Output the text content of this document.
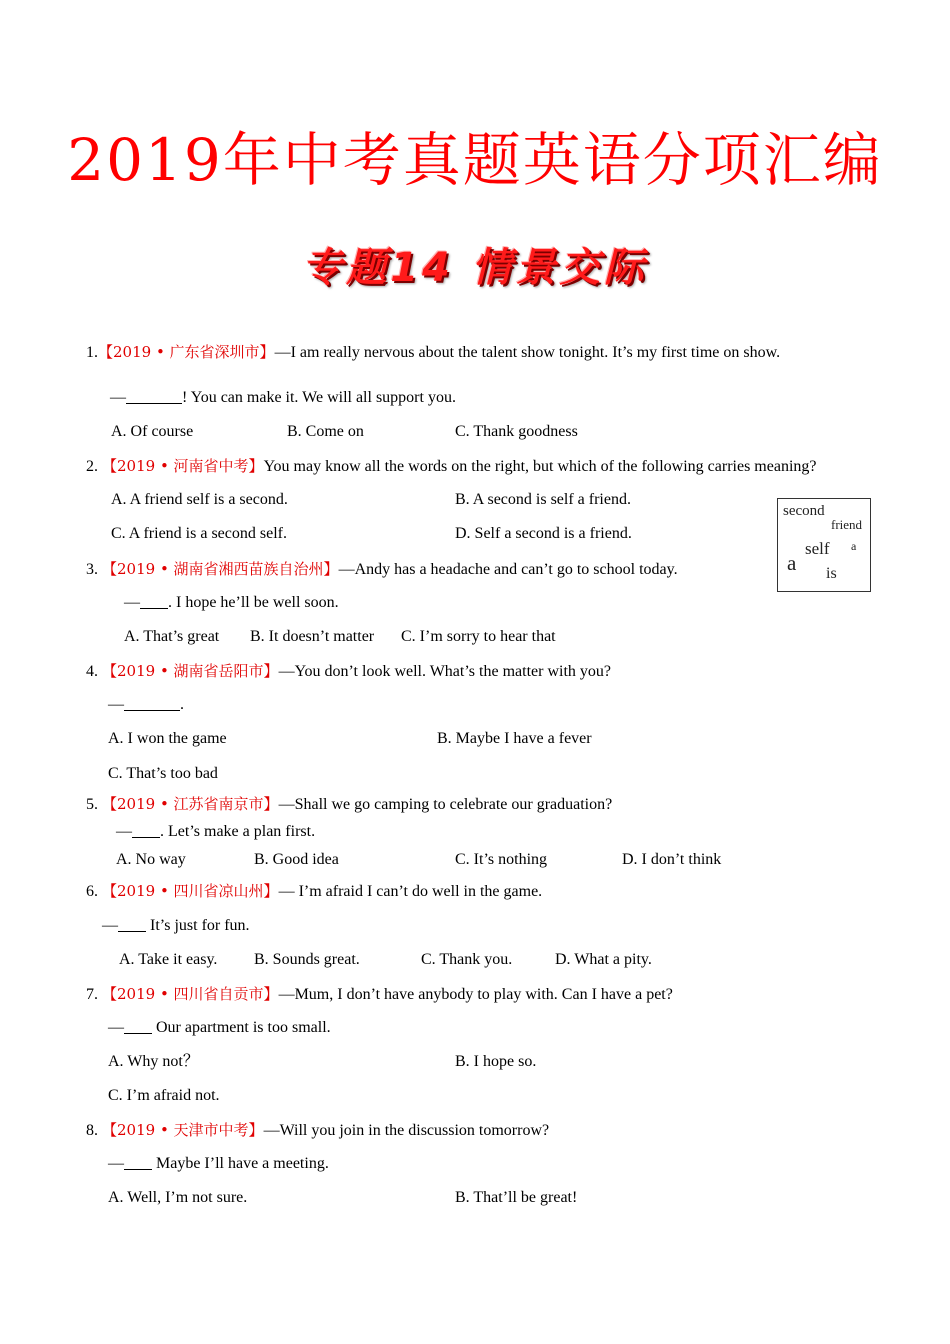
2019年中考真题英语分项汇编
专题14 情景交际
1.【2019 • 广东省深圳市】—I am really nervous about the talent show tonight. It’s my first time on show.
—	! You can make it. We will all support you.
A. Of course	B. Come on	C. Thank goodness
2. 【2019 • 河南省中考】You may know all the words on the right, but which of the following carries meaning?
A. A friend self is a second.	B. A second is self a friend.
C. A friend is a second self.	D. Self a second is a friend.
second
friend
self a
a is
3. 【2019 • 湖南省湘西苗族自治州】—Andy has a headache and can’t go to school today.
— . I hope he’ll be well soon.
A. That’s great B. It doesn’t matter C. I’m sorry to hear that
4. 【2019 • 湖南省岳阳市】—You don’t look well. What’s the matter with you?
—	.
A. I won the game	B. Maybe I have a fever
C. That’s too bad
5. 【2019 • 江苏省南京市】—Shall we go camping to celebrate our graduation?
— . Let’s make a plan first.
A. No way	B. Good idea	C. It’s nothing	D. I don’t think
6. 【2019 • 四川省凉山州】— I’m afraid I can’t do well in the game.
—        It’s just for fun.
A. Take it easy. B. Sounds great.	C. Thank you.	D. What a pity.
7. 【2019 • 四川省自贡市】—Mum, I don’t have anybody to play with. Can I have a pet?
—        Our apartment is too small.
A. Why not？	B. I hope so.
C. I’m afraid not.
8. 【2019 • 天津市中考】—Will you join in the discussion tomorrow?
—        Maybe I’ll have a meeting.
A. Well, I’m not sure.	B. That’ll be great!
